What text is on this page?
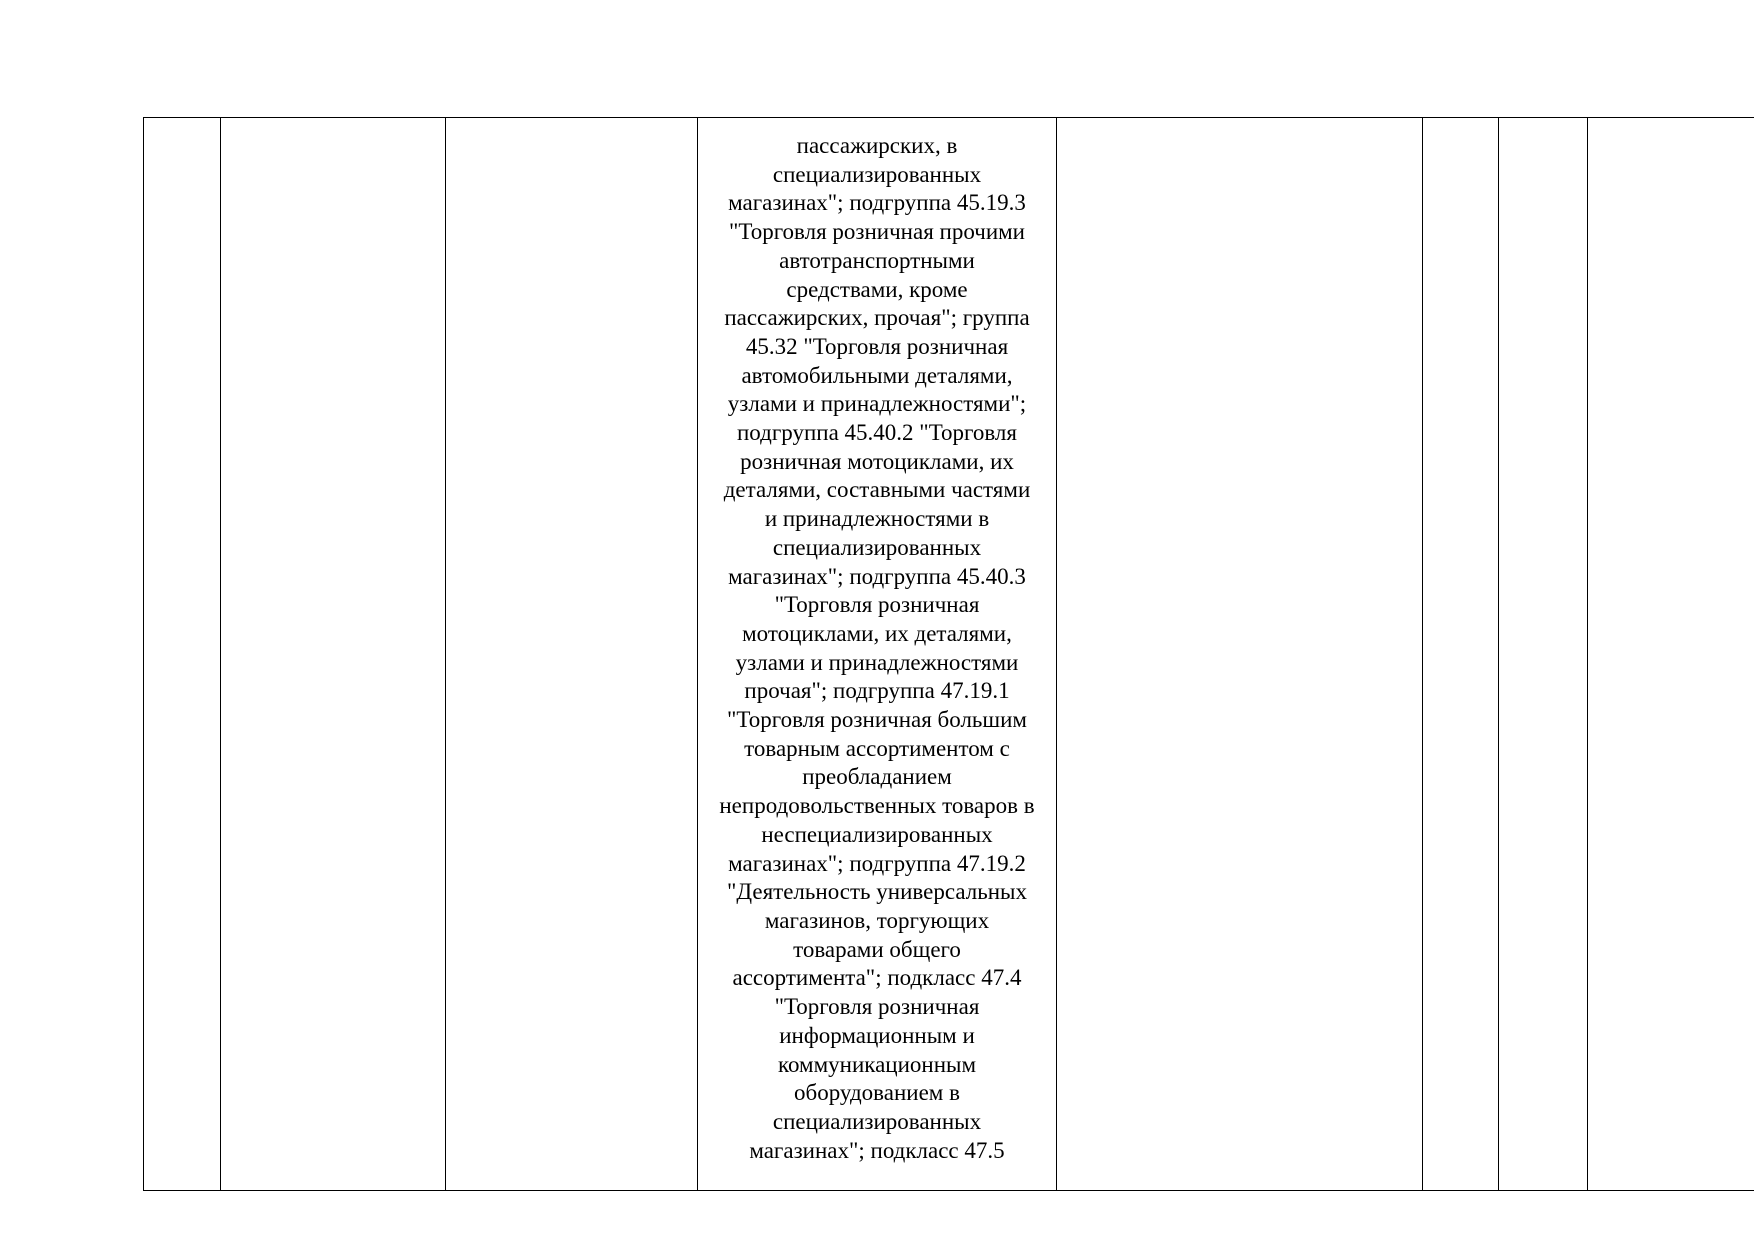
пассажирских, в
специализированных
магазинах"; подгруппа 45.19.3
"Торговля розничная прочими
автотранспортными
средствами, кроме
пассажирских, прочая"; группа
45.32 "Торговля розничная
автомобильными деталями,
узлами и принадлежностями";
подгруппа 45.40.2 "Торговля
розничная мотоциклами, их
деталями, составными частями
и принадлежностями в
специализированных
магазинах"; подгруппа 45.40.3
"Торговля розничная
мотоциклами, их деталями,
узлами и принадлежностями
прочая"; подгруппа 47.19.1
"Торговля розничная большим
товарным ассортиментом с
преобладанием
непродовольственных товаров в
неспециализированных
магазинах"; подгруппа 47.19.2
"Деятельность универсальных
магазинов, торгующих
товарами общего
ассортимента"; подкласс 47.4
"Торговля розничная
информационным и
коммуникационным
оборудованием в
специализированных
магазинах"; подкласс 47.5
